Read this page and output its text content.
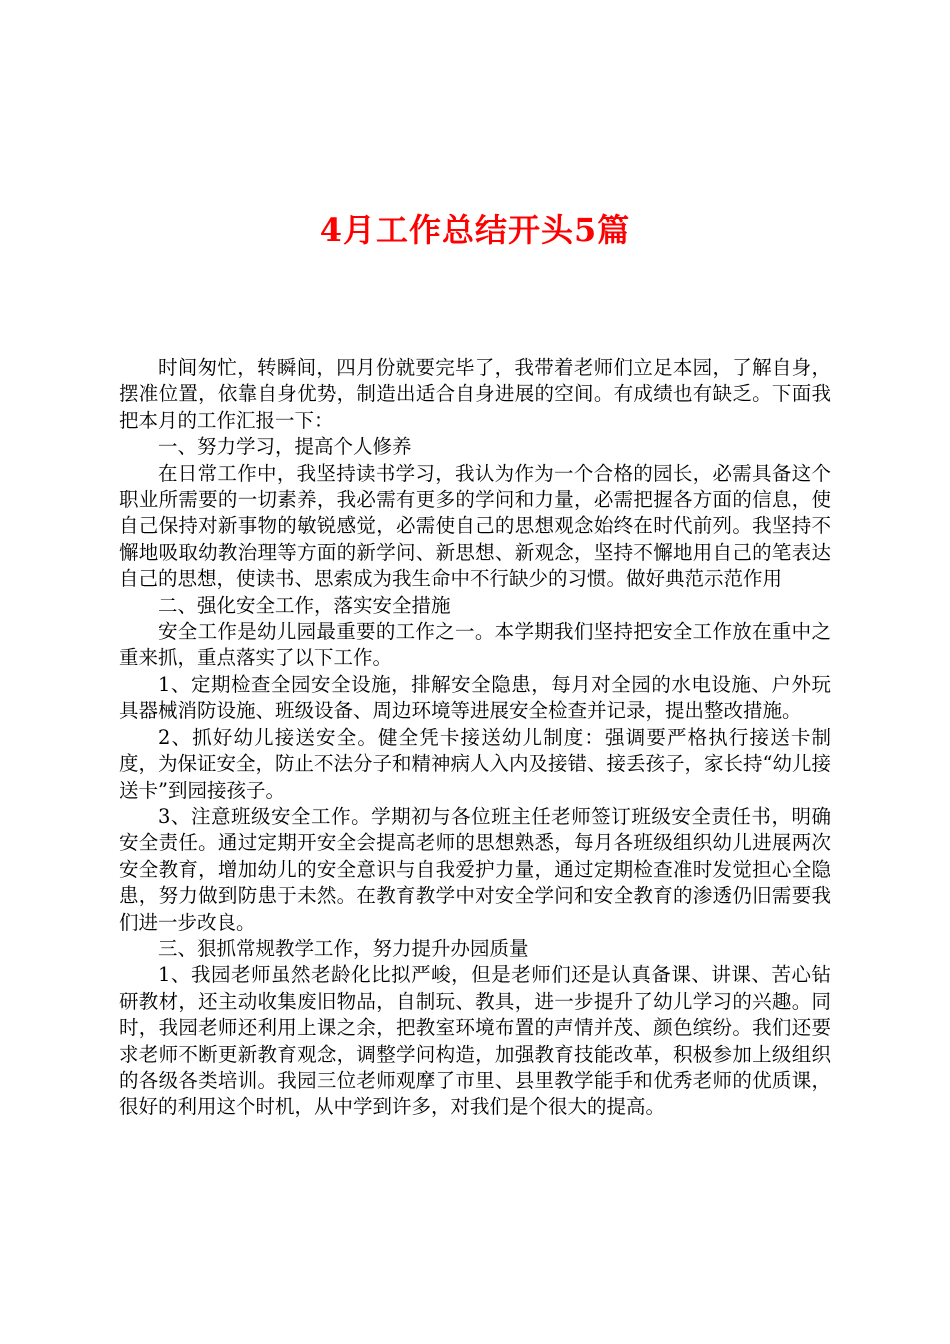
4月工作总结开头5篇

时间匆忙，转瞬间，四月份就要完毕了，我带着老师们立足本园，了解自身，摆准位置，依靠自身优势，制造出适合自身进展的空间。有成绩也有缺乏。下面我把本月的工作汇报一下：

一、努力学习，提高个人修养

在日常工作中，我坚持读书学习，我认为作为一个合格的园长，必需具备这个职业所需要的一切素养，我必需有更多的学问和力量，必需把握各方面的信息，使自己保持对新事物的敏锐感觉，必需使自己的思想观念始终在时代前列。我坚持不懈地吸取幼教治理等方面的新学问、新思想、新观念，坚持不懈地用自己的笔表达自己的思想，使读书、思索成为我生命中不行缺少的习惯。做好典范示范作用

二、强化安全工作，落实安全措施

安全工作是幼儿园最重要的工作之一。本学期我们坚持把安全工作放在重中之重来抓，重点落实了以下工作。

1、定期检查全园安全设施，排解安全隐患，每月对全园的水电设施、户外玩具器械消防设施、班级设备、周边环境等进展安全检查并记录，提出整改措施。

2、抓好幼儿接送安全。健全凭卡接送幼儿制度：强调要严格执行接送卡制度，为保证安全，防止不法分子和精神病人入内及接错、接丢孩子，家长持“幼儿接送卡”到园接孩子。

3、注意班级安全工作。学期初与各位班主任老师签订班级安全责任书，明确安全责任。通过定期开安全会提高老师的思想熟悉，每月各班级组织幼儿进展两次安全教育，增加幼儿的安全意识与自我爱护力量，通过定期检查准时发觉担心全隐患，努力做到防患于未然。在教育教学中对安全学问和安全教育的渗透仍旧需要我们进一步改良。

三、狠抓常规教学工作，努力提升办园质量

1、我园老师虽然老龄化比拟严峻，但是老师们还是认真备课、讲课、苦心钻研教材，还主动收集废旧物品，自制玩、教具，进一步提升了幼儿学习的兴趣。同时，我园老师还利用上课之余，把教室环境布置的声情并茂、颜色缤纷。我们还要求老师不断更新教育观念，调整学问构造，加强教育技能改革，积极参加上级组织的各级各类培训。我园三位老师观摩了市里、县里教学能手和优秀老师的优质课，很好的利用这个时机，从中学到许多，对我们是个很大的提高。
